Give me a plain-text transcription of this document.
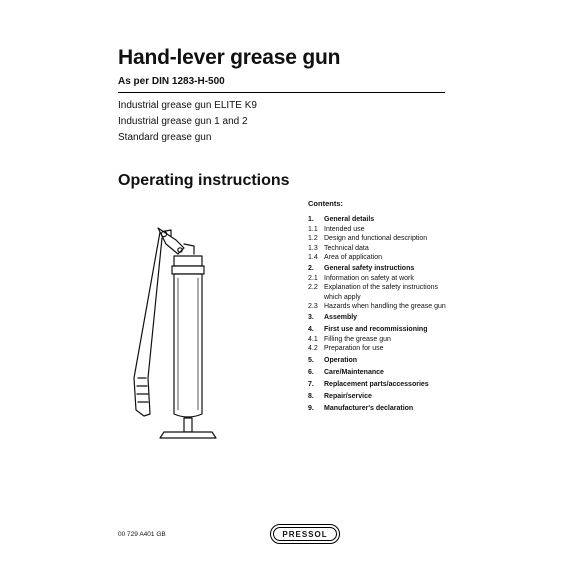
Hand-lever grease gun
As per DIN 1283-H-500
Industrial grease gun ELITE K9
Industrial grease gun 1 and 2
Standard grease gun
Operating instructions
Contents:
1.	General details
1.1 Intended use
1.2 Design and functional description
1.3 Technical data
1.4 Area of application
2.	General safety instructions
2.1 Information on safety at work
2.2 Explanation of the safety instructions
which apply
2.3 Hazards when handling the grease gun
3.	Assembly
4.	First use and recommissioning
4.1 Filling the grease gun
4.2 Preparation for use
5.	Operation
6.	Care/Maintenance
7.	Replacement parts/accessories
8.	Repair/service
9.	Manufacturer's declaration
00 729 A401 GB	PRESSOL
